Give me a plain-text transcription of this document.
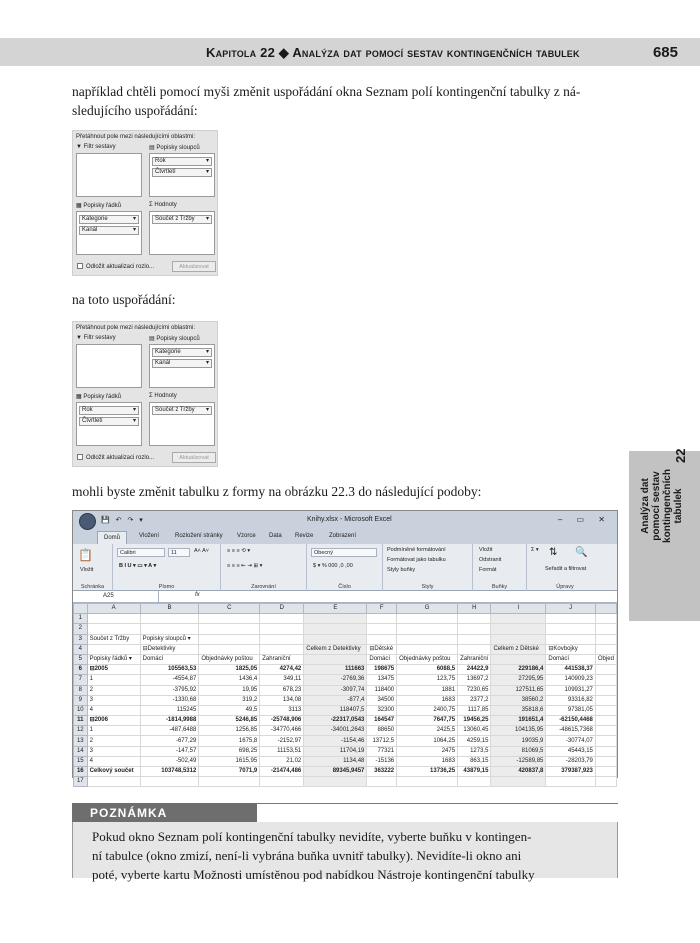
Kapitola 22 ◆ Analýza dat pomocí sestav kontingenčních tabulek	685
například chtěli pomocí myši změnit uspořádání okna Seznam polí kontingenční tabulky z ná-
sledujícího uspořádání:
Přetáhnout pole mezi následujícími oblastmi:
▼ Filtr sestavy	▤ Popisky sloupců
Rok ▾
Čtvrtletí ▾
▦ Popisky řádků	Σ Hodnoty
Kategorie ▾
Kanál ▾
Součet z Tržby ▾
Odložit aktualizaci rozlo...	Aktualizovat
na toto uspořádání:
Přetáhnout pole mezi následujícími oblastmi:
▼ Filtr sestavy	▤ Popisky sloupců
Kategorie ▾
Kanál ▾
▦ Popisky řádků	Σ Hodnoty
Rok ▾
Čtvrtletí ▾
Součet z Tržby ▾
Odložit aktualizaci rozlo...	Aktualizovat	22
Analýza dat pomocí sestav kontingenčních tabulek
mohli byste změnit tabulku z formy na obrázku 22.3 do následující podoby:
💾 ↶ ↷ ▾	Knihy.xlsx - Microsoft Excel	– ▭ ✕
Domů	Vložení	Rozložení stránky Vzorce Data Revize	Zobrazení
📋
Vložit
Schránka
Calibri	11	A˄ A˅
B I U ▾ ▭ ▾ A ▾
Písmo
≡ ≡ ≡ ⟲ ▾
≡ ≡ ≡ ⇤ ⇥ ⊞ ▾
Zarovnání
Obecný
$ ▾ % 000 ,0 ,00
Číslo
Podmíněné formátování
Formátovat jako tabulku
Styly buňky
Styly
Vložit
Odstranit
Formát
Buňky
Σ ▾ ⇅ 🔍
Seřadit a filtrovat
Úpravy
A25	fx
	A	B	C	D	E	F	G	H	I	J	
1											
2											
3	Součet z Tržby	Popisky sloupců ▾									
4		⊟Detektivky			Celkem z Detektivky	⊟Dětské			Celkem z Dětské	⊟Kovbojky	
5	Popisky řádků ▾	Domácí	Objednávky poštou	Zahraniční		Domácí	Objednávky poštou	Zahraniční		Domácí	Objed
6	⊟2005	105563,53	1825,05	4274,42	111663	198675	6088,5	24422,9	229186,4	441538,37	
7	1	-4554,87	1436,4	349,11	-2769,36	13475	123,75	13697,2	27295,95	140909,23	
8	2	-3795,92	19,95	678,23	-3097,74	118400	1881	7230,65	127511,65	109931,27	
9	3	-1330,68	319,2	134,08	-877,4	34500	1683	2377,2	38560,2	93316,82	
10	4	115245	49,5	3113	118407,5	32300	2400,75	1117,85	35818,6	97381,05	
11	⊟2006	-1814,9988	5246,85	-25748,906	-22317,0543	164547	7647,75	19456,25	191651,4	-62150,4468	
12	1	-487,6488	1256,85	-34770,466	-34001,2643	88650	2425,5	13060,45	104135,95	-48615,7368	
13	2	-677,29	1675,8	-2152,97	-1154,46	13712,5	1064,25	4259,15	19035,9	-30774,07	
14	3	-147,57	698,25	11153,51	11704,19	77321	2475	1273,5	81069,5	45443,15	
15	4	-502,49	1615,95	21,02	1134,48	-15136	1683	863,15	-12589,85	-28203,79	
16	Celkový součet	103748,5312	7071,9	-21474,486	89345,9457	363222	13736,25	43879,15	420837,8	379387,923	
17											
POZNÁMKA
Pokud okno Seznam polí kontingenční tabulky nevidíte, vyberte buňku v kontingen-
ní tabulce (okno zmizí, není-li vybrána buňka uvnitř tabulky). Nevidíte-li okno ani
poté, vyberte kartu Možnosti umístěnou pod nabídkou Nástroje kontingenční tabulky
